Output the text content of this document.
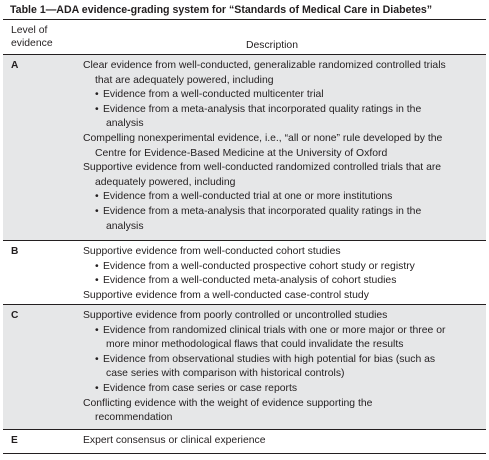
Table 1—ADA evidence-grading system for “Standards of Medical Care in Diabetes”
Level of
evidence	Description
A	Clear evidence from well-conducted, generalizable randomized controlled trials
that are adequately powered, including
• Evidence from a well-conducted multicenter trial
• Evidence from a meta-analysis that incorporated quality ratings in the
analysis
Compelling nonexperimental evidence, i.e., “all or none” rule developed by the
Centre for Evidence-Based Medicine at the University of Oxford
Supportive evidence from well-conducted randomized controlled trials that are
adequately powered, including
• Evidence from a well-conducted trial at one or more institutions
• Evidence from a meta-analysis that incorporated quality ratings in the
analysis
B	Supportive evidence from well-conducted cohort studies
• Evidence from a well-conducted prospective cohort study or registry
• Evidence from a well-conducted meta-analysis of cohort studies
Supportive evidence from a well-conducted case-control study
C	Supportive evidence from poorly controlled or uncontrolled studies
• Evidence from randomized clinical trials with one or more major or three or
more minor methodological flaws that could invalidate the results
• Evidence from observational studies with high potential for bias (such as
case series with comparison with historical controls)
• Evidence from case series or case reports
Conflicting evidence with the weight of evidence supporting the
recommendation
E	Expert consensus or clinical experience
